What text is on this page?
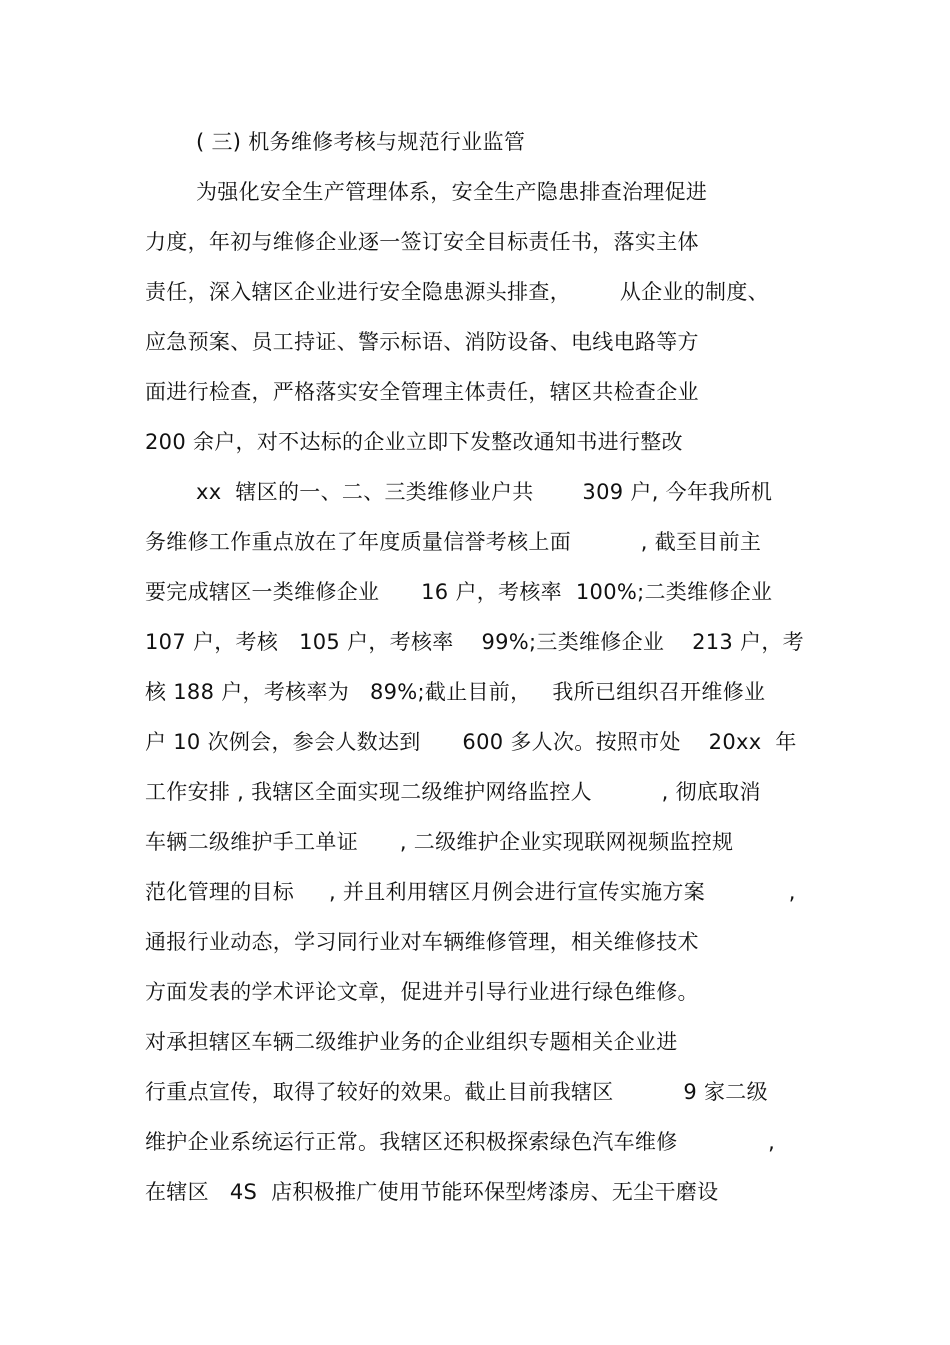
( 三) 机务维修考核与规范行业监管
为强化安全生产管理体系，安全生产隐患排查治理促进
力度，年初与维修企业逐一签订安全目标责任书，落实主体
责任，深入辖区企业进行安全隐患源头排查，       从企业的制度、
应急预案、员工持证、警示标语、消防设备、电线电路等方
面进行检查，严格落实安全管理主体责任，辖区共检查企业
200 余户，对不达标的企业立即下发整改通知书进行整改
xx  辖区的一、二、三类维修业户共       309 户, 今年我所机
务维修工作重点放在了年度质量信誉考核上面          , 截至目前主
要完成辖区一类维修企业      16 户，考核率  100%;二类维修企业
107 户，考核   105 户，考核率    99%;三类维修企业    213 户，考
核 188 户，考核率为   89%;截止目前，   我所已组织召开维修业
户 10 次例会，参会人数达到      600 多人次。按照市处    20xx  年
工作安排 , 我辖区全面实现二级维护网络监控人          , 彻底取消
车辆二级维护手工单证      , 二级维护企业实现联网视频监控规
范化管理的目标     , 并且利用辖区月例会进行宣传实施方案            ,
通报行业动态，学习同行业对车辆维修管理，相关维修技术
方面发表的学术评论文章，促进并引导行业进行绿色维修。
对承担辖区车辆二级维护业务的企业组织专题相关企业进
行重点宣传，取得了较好的效果。截止目前我辖区          9 家二级
维护企业系统运行正常。我辖区还积极探索绿色汽车维修             ,
在辖区   4S  店积极推广使用节能环保型烤漆房、无尘干磨设
